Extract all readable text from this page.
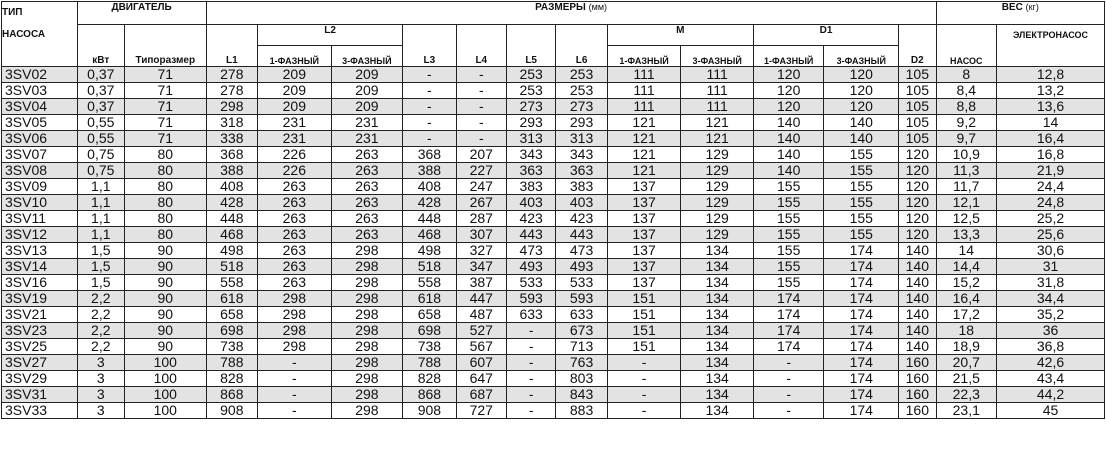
ТИП
НАСОСА	ДВИГАТЕЛЬ		РАЗМЕРЫ (мм)												ВЕС (кг)	
				L2						M		D1				ЭЛЕКТРОНАСОС
	кВт	Типоразмер	L1	1-ФАЗНЫЙ	3-ФАЗНЫЙ	L3	L4	L5	L6	1-ФАЗНЫЙ	3-ФАЗНЫЙ	1-ФАЗНЫЙ	3-ФАЗНЫЙ	D2	НАСОС	
3SV02	0,37	71	278	209	209	-	-	253	253	111	111	120	120	105	8	12,8
3SV03	0,37	71	278	209	209	-	-	253	253	111	111	120	120	105	8,4	13,2
3SV04	0,37	71	298	209	209	-	-	273	273	111	111	120	120	105	8,8	13,6
3SV05	0,55	71	318	231	231	-	-	293	293	121	121	140	140	105	9,2	14
3SV06	0,55	71	338	231	231	-	-	313	313	121	121	140	140	105	9,7	16,4
3SV07	0,75	80	368	226	263	368	207	343	343	121	129	140	155	120	10,9	16,8
3SV08	0,75	80	388	226	263	388	227	363	363	121	129	140	155	120	11,3	21,9
3SV09	1,1	80	408	263	263	408	247	383	383	137	129	155	155	120	11,7	24,4
3SV10	1,1	80	428	263	263	428	267	403	403	137	129	155	155	120	12,1	24,8
3SV11	1,1	80	448	263	263	448	287	423	423	137	129	155	155	120	12,5	25,2
3SV12	1,1	80	468	263	263	468	307	443	443	137	129	155	155	120	13,3	25,6
3SV13	1,5	90	498	263	298	498	327	473	473	137	134	155	174	140	14	30,6
3SV14	1,5	90	518	263	298	518	347	493	493	137	134	155	174	140	14,4	31
3SV16	1,5	90	558	263	298	558	387	533	533	137	134	155	174	140	15,2	31,8
3SV19	2,2	90	618	298	298	618	447	593	593	151	134	174	174	140	16,4	34,4
3SV21	2,2	90	658	298	298	658	487	633	633	151	134	174	174	140	17,2	35,2
3SV23	2,2	90	698	298	298	698	527	-	673	151	134	174	174	140	18	36
3SV25	2,2	90	738	298	298	738	567	-	713	151	134	174	174	140	18,9	36,8
3SV27	3	100	788	-	298	788	607	-	763	-	134	-	174	160	20,7	42,6
3SV29	3	100	828	-	298	828	647	-	803	-	134	-	174	160	21,5	43,4
3SV31	3	100	868	-	298	868	687	-	843	-	134	-	174	160	22,3	44,2
3SV33	3	100	908	-	298	908	727	-	883	-	134	-	174	160	23,1	45
